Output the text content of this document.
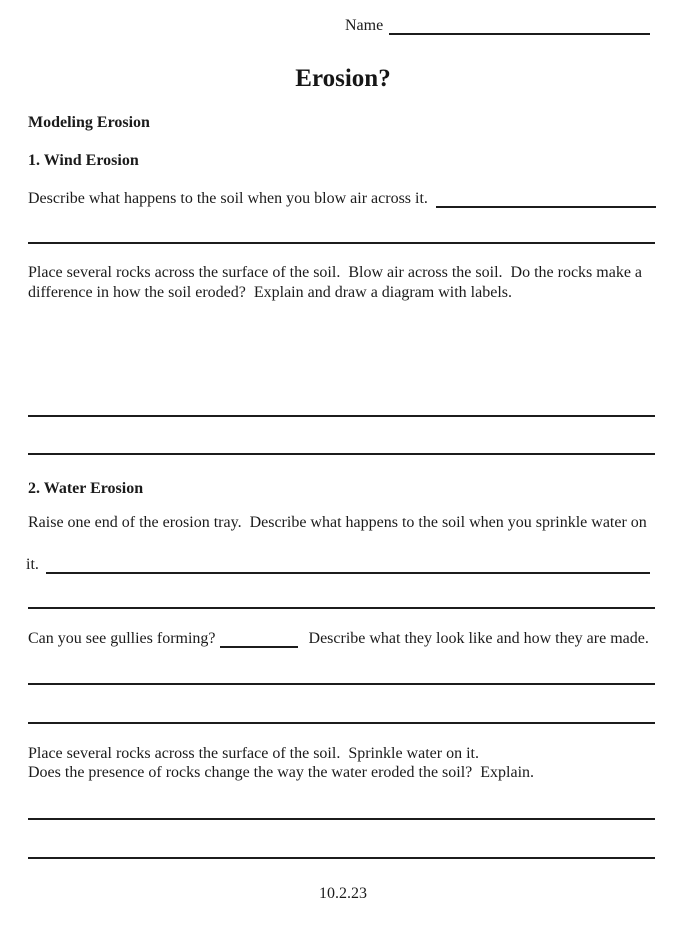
Name
Erosion?
Modeling Erosion
1. Wind Erosion
Describe what happens to the soil when you blow air across it.
Place several rocks across the surface of the soil.  Blow air across the soil.  Do the rocks make a
difference in how the soil eroded?  Explain and draw a diagram with labels.
2. Water Erosion
Raise one end of the erosion tray.  Describe what happens to the soil when you sprinkle water on
it.
Can you see gullies forming?	Describe what they look like and how they are made.
Place several rocks across the surface of the soil.  Sprinkle water on it.
Does the presence of rocks change the way the water eroded the soil?  Explain.
10.2.23
